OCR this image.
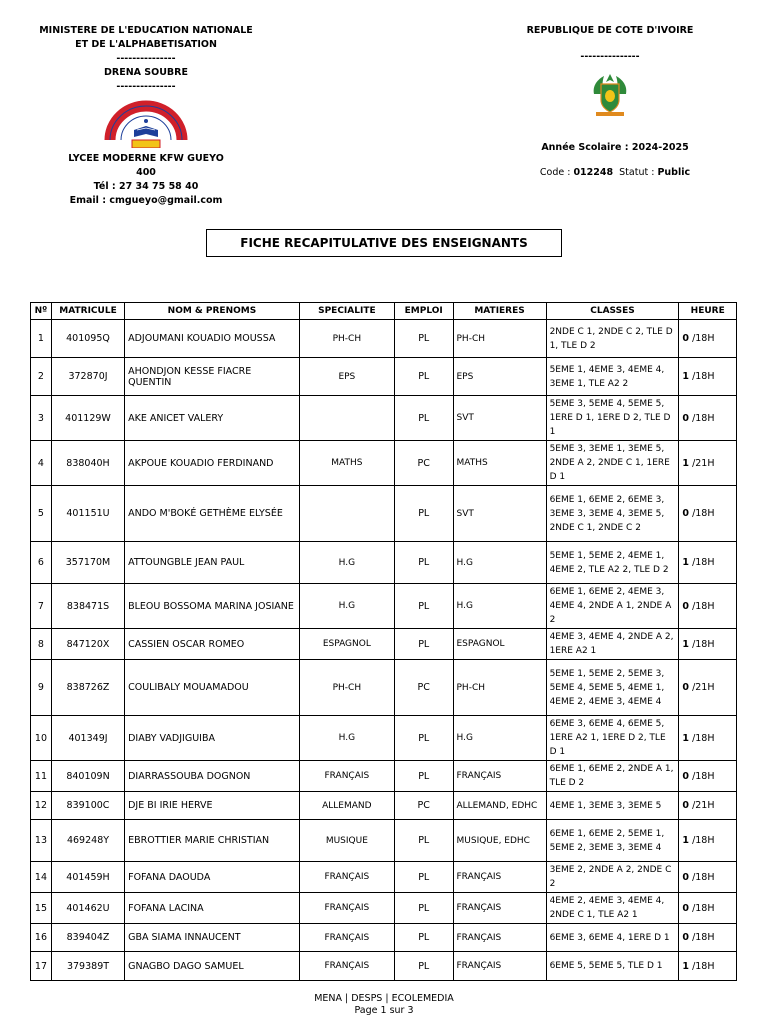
MINISTERE DE L'EDUCATION NATIONALE
ET DE L'ALPHABETISATION
---------------
DRENA SOUBRE
---------------
LYCEE MODERNE KFW GUEYO
400
Tél : 27 34 75 58 40
Email : cmgueyo@gmail.com
REPUBLIQUE DE COTE D'IVOIRE
---------------
Année Scolaire : 2024-2025
Code : 012248 Statut : Public
FICHE RECAPITULATIVE DES ENSEIGNANTS
Nº	MATRICULE	NOM & PRENOMS	SPECIALITE	EMPLOI	MATIERES	CLASSES	HEURE
1	401095Q	ADJOUMANI KOUADIO MOUSSA	PH-CH	PL	PH-CH	2NDE C 1, 2NDE C 2, TLE D 1, TLE D 2	0 /18H
2	372870J	AHONDJON KESSE FIACRE QUENTIN	EPS	PL	EPS	5EME 1, 4EME 3, 4EME 4, 3EME 1, TLE A2 2	1 /18H
3	401129W	AKE ANICET VALERY		PL	SVT	5EME 3, 5EME 4, 5EME 5, 1ERE D 1, 1ERE D 2, TLE D 1	0 /18H
4	838040H	AKPOUE KOUADIO FERDINAND	MATHS	PC	MATHS	5EME 3, 3EME 1, 3EME 5, 2NDE A 2, 2NDE C 1, 1ERE D 1	1 /21H
5	401151U	ANDO M'BOKÉ GETHÈME ELYSÉE		PL	SVT	6EME 1, 6EME 2, 6EME 3, 3EME 3, 3EME 4, 3EME 5, 2NDE C 1, 2NDE C 2	0 /18H
6	357170M	ATTOUNGBLE JEAN PAUL	H.G	PL	H.G	5EME 1, 5EME 2, 4EME 1, 4EME 2, TLE A2 2, TLE D 2	1 /18H
7	838471S	BLEOU BOSSOMA MARINA JOSIANE	H.G	PL	H.G	6EME 1, 6EME 2, 4EME 3, 4EME 4, 2NDE A 1, 2NDE A 2	0 /18H
8	847120X	CASSIEN OSCAR ROMEO	ESPAGNOL	PL	ESPAGNOL	4EME 3, 4EME 4, 2NDE A 2, 1ERE A2 1	1 /18H
9	838726Z	COULIBALY MOUAMADOU	PH-CH	PC	PH-CH	5EME 1, 5EME 2, 5EME 3, 5EME 4, 5EME 5, 4EME 1, 4EME 2, 4EME 3, 4EME 4	0 /21H
10	401349J	DIABY VADJIGUIBA	H.G	PL	H.G	6EME 3, 6EME 4, 6EME 5, 1ERE A2 1, 1ERE D 2, TLE D 1	1 /18H
11	840109N	DIARRASSOUBA DOGNON	FRANÇAIS	PL	FRANÇAIS	6EME 1, 6EME 2, 2NDE A 1, TLE D 2	0 /18H
12	839100C	DJE BI IRIE HERVE	ALLEMAND	PC	ALLEMAND, EDHC	4EME 1, 3EME 3, 3EME 5	0 /21H
13	469248Y	EBROTTIER MARIE CHRISTIAN	MUSIQUE	PL	MUSIQUE, EDHC	6EME 1, 6EME 2, 5EME 1, 5EME 2, 3EME 3, 3EME 4	1 /18H
14	401459H	FOFANA DAOUDA	FRANÇAIS	PL	FRANÇAIS	3EME 2, 2NDE A 2, 2NDE C 2	0 /18H
15	401462U	FOFANA LACINA	FRANÇAIS	PL	FRANÇAIS	4EME 2, 4EME 3, 4EME 4, 2NDE C 1, TLE A2 1	0 /18H
16	839404Z	GBA SIAMA INNAUCENT	FRANÇAIS	PL	FRANÇAIS	6EME 3, 6EME 4, 1ERE D 1	0 /18H
17	379389T	GNAGBO DAGO SAMUEL	FRANÇAIS	PL	FRANÇAIS	6EME 5, 5EME 5, TLE D 1	1 /18H
MENA | DESPS | ECOLEMEDIA
Page 1 sur 3
